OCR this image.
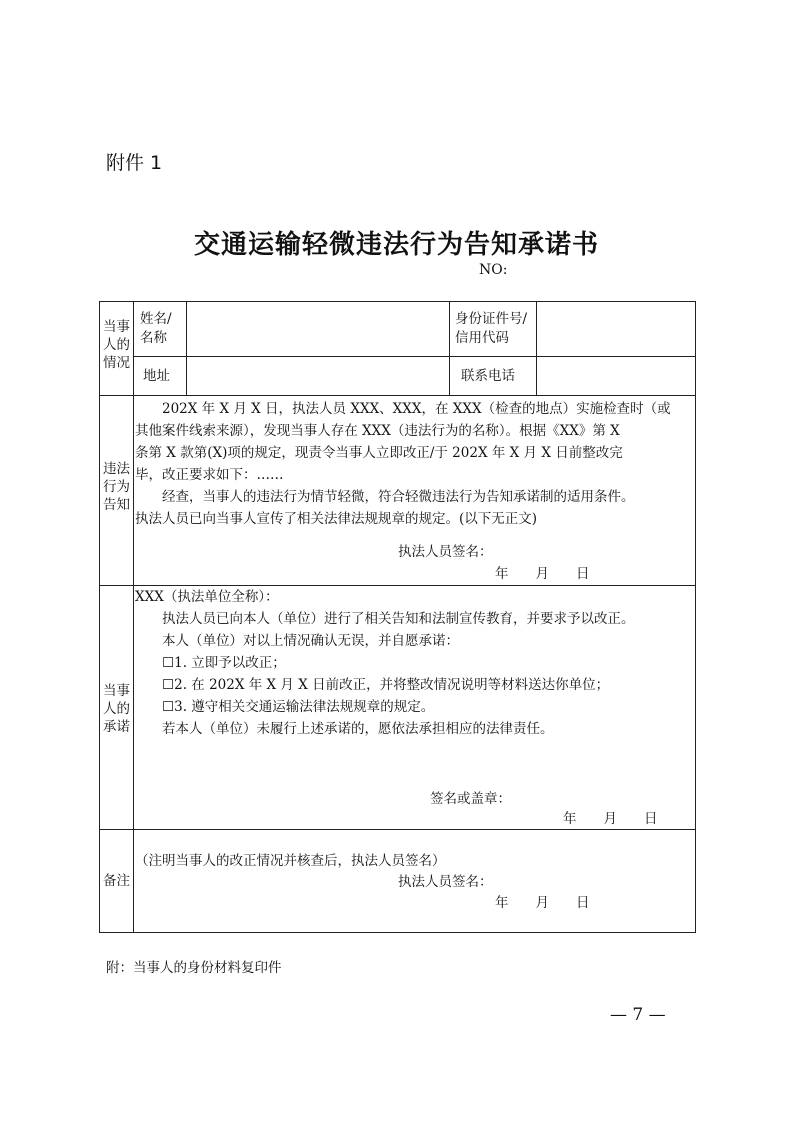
附件 1
交通运输轻微违法行为告知承诺书
NO:
当事人的情况
姓名/名称
身份证件号/信用代码
地址	联系电话
违法行为告知
　　202X 年 X 月 X 日，执法人员 XXX、XXX，在 XXX（检查的地点）实施检查时（或
其他案件线索来源），发现当事人存在 XXX（违法行为的名称）。根据《XX》第 X
条第 X 款第(X)项的规定，现责令当事人立即改正/于 202X 年 X 月 X 日前整改完
毕，改正要求如下：……
　　经查，当事人的违法行为情节轻微，符合轻微违法行为告知承诺制的适用条件。
执法人员已向当事人宣传了相关法律法规规章的规定。(以下无正文)
执法人员签名：
年　　月　　日
当事人的承诺
XXX（执法单位全称）：
　　执法人员已向本人（单位）进行了相关告知和法制宣传教育，并要求予以改正。
　　本人（单位）对以上情况确认无误，并自愿承诺：
　　☐1. 立即予以改正；
　　☐2. 在 202X 年 X 月 X 日前改正，并将整改情况说明等材料送达你单位；
　　☐3. 遵守相关交通运输法律法规规章的规定。
　　若本人（单位）未履行上述承诺的，愿依法承担相应的法律责任。
签名或盖章：
年　　月　　日
备注
（注明当事人的改正情况并核查后，执法人员签名）
执法人员签名：
年　　月　　日
附：当事人的身份材料复印件
— 7 —
